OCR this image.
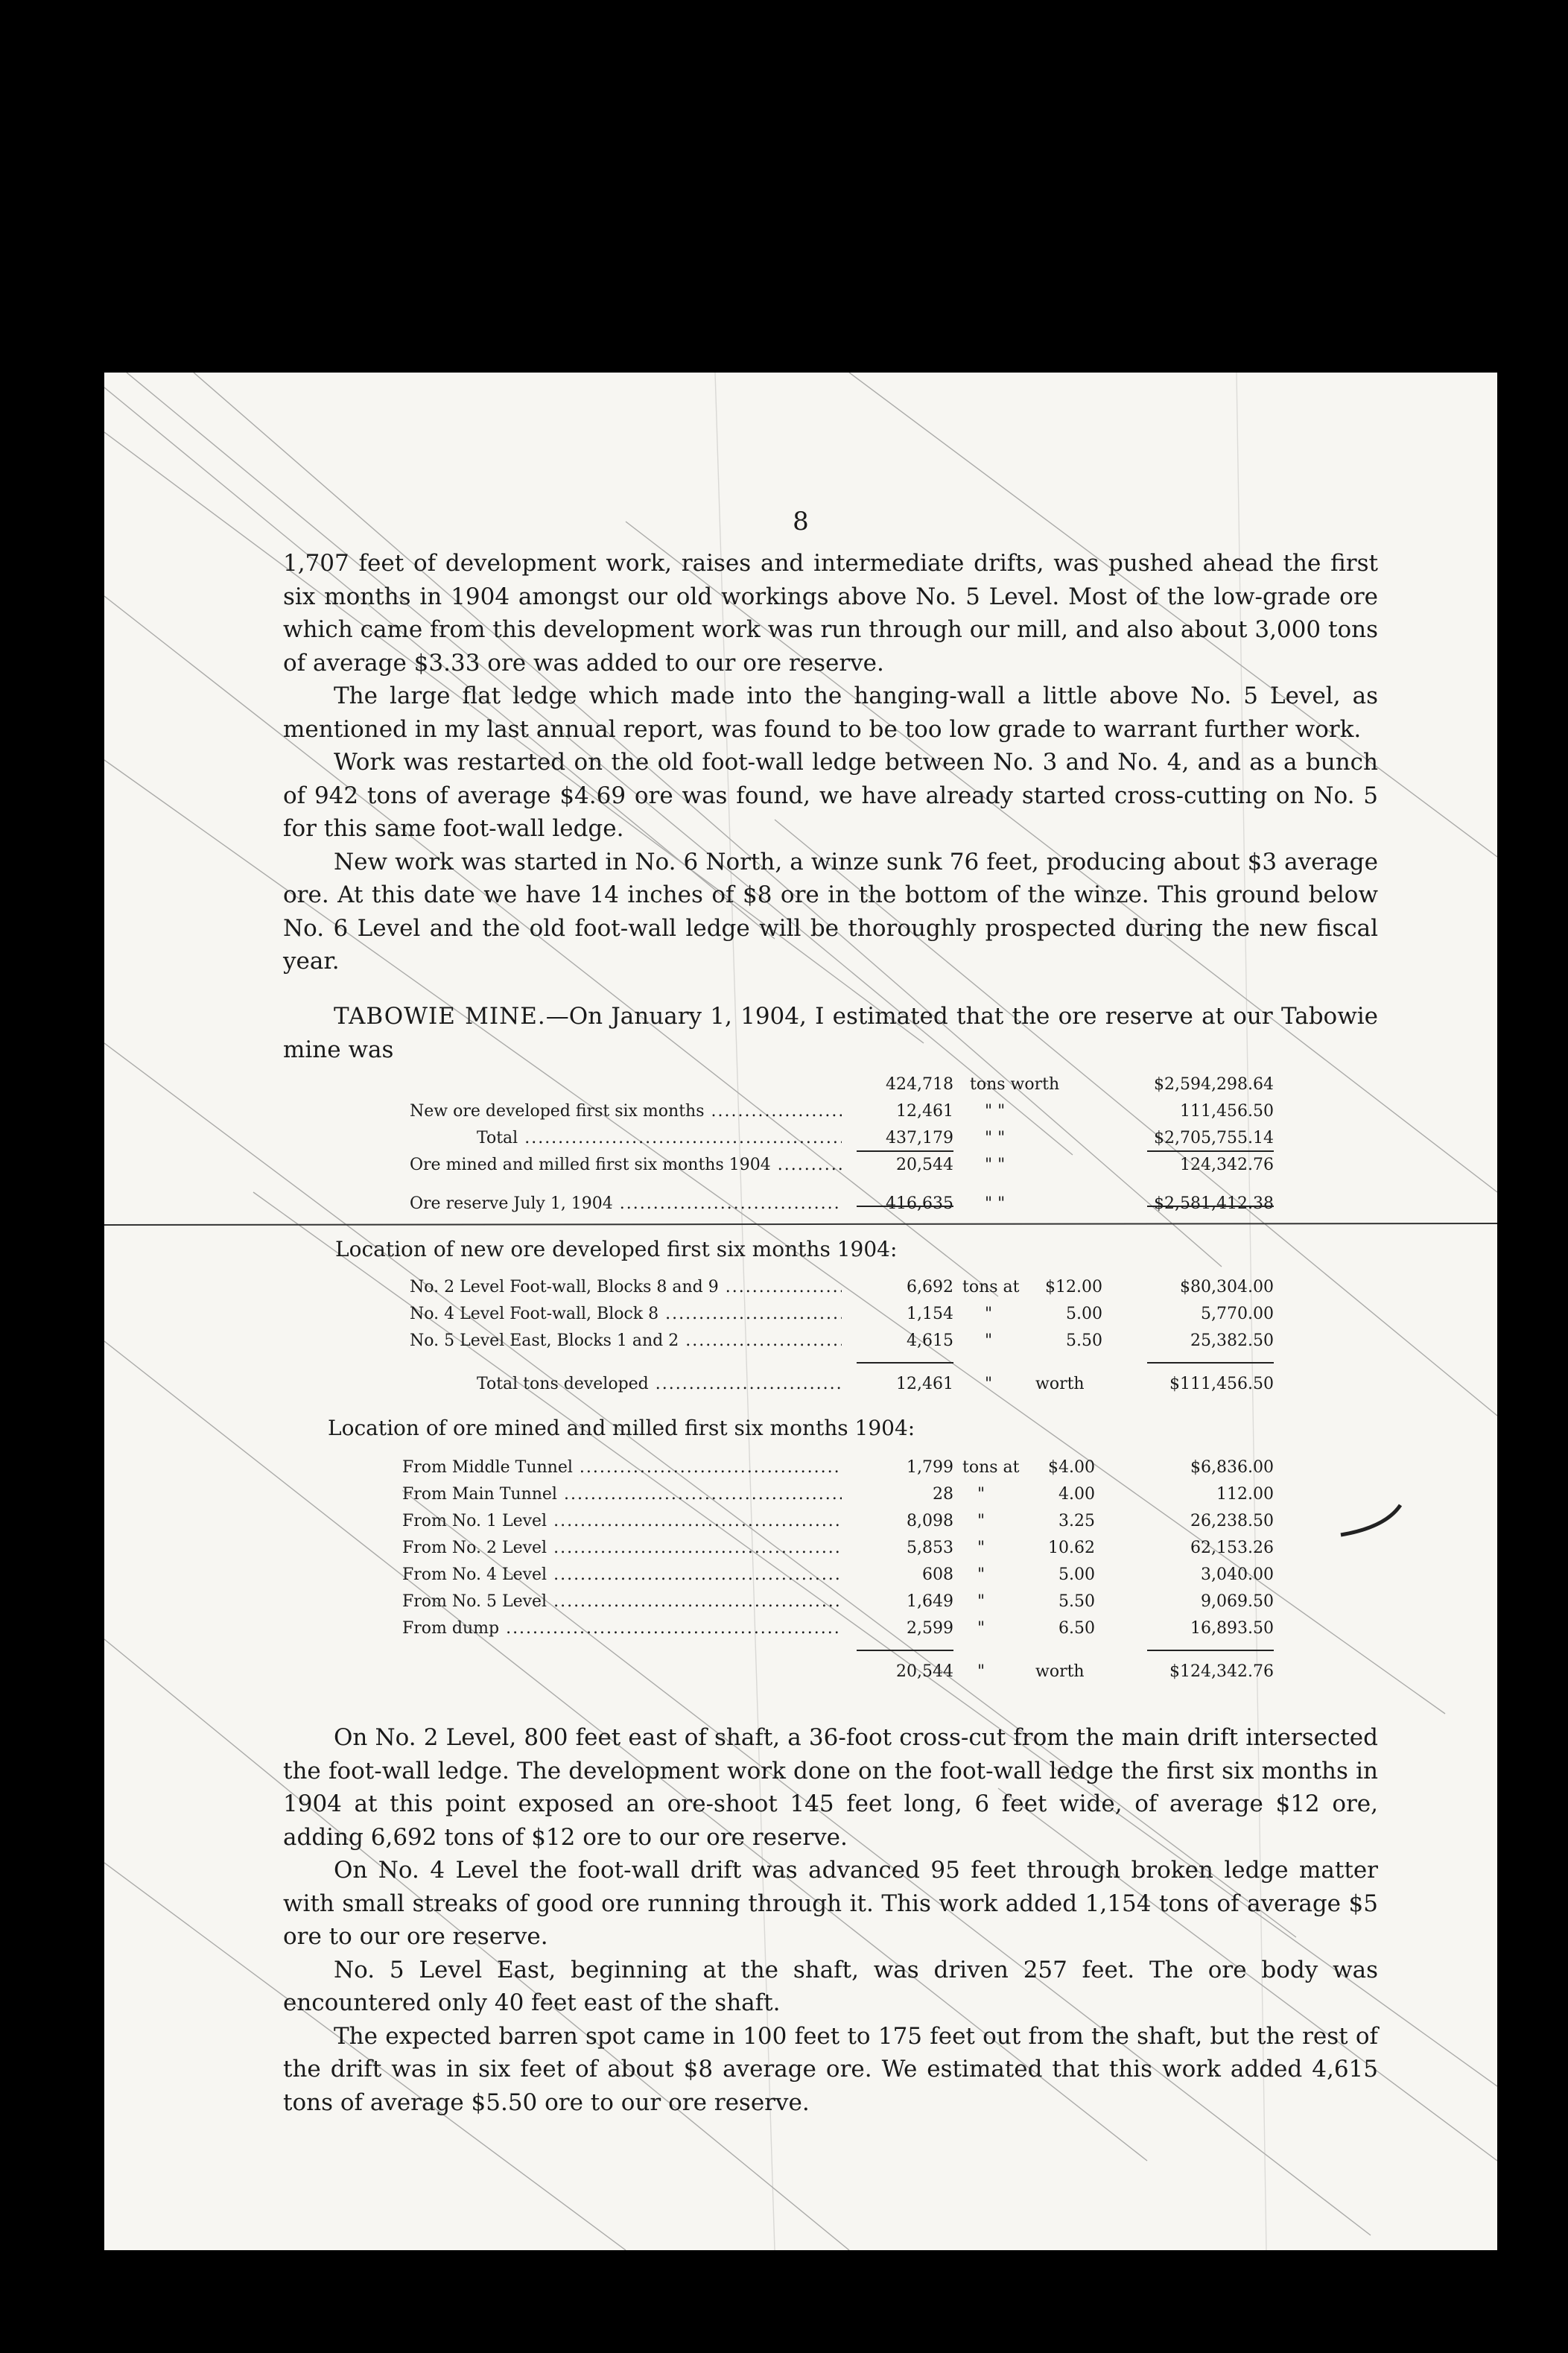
8

1,707 feet of development work, raises and intermediate drifts, was pushed ahead the first six months in 1904 amongst our old workings above No. 5 Level. Most of the low-grade ore which came from this development work was run through our mill, and also about 3,000 tons of average $3.33 ore was added to our ore reserve.

The large flat ledge which made into the hanging-wall a little above No. 5 Level, as mentioned in my last annual report, was found to be too low grade to warrant further work.

Work was restarted on the old foot-wall ledge between No. 3 and No. 4, and as a bunch of 942 tons of average $4.69 ore was found, we have already started cross-cutting on No. 5 for this same foot-wall ledge.

New work was started in No. 6 North, a winze sunk 76 feet, producing about $3 average ore. At this date we have 14 inches of $8 ore in the bottom of the winze. This ground below No. 6 Level and the old foot-wall ledge will be thoroughly prospected during the new fiscal year.

TABOWIE MINE.—On January 1, 1904, I estimated that the ore reserve at our Tabowie mine was

424,718 tons worth	$2,594,298.64
New ore developed first six months .....	12,461 " "	111,456.50
Total .....	437,179 " "	$2,705,755.14
Ore mined and milled first six months 1904 .....	20,544 " "	124,342.76
Ore reserve July 1, 1904 .....	416,635 " "	$2,581,412.38
Location of new ore developed first six months 1904:
No. 2 Level Foot-wall, Blocks 8 and 9 .....	6,692 tons at	$12.00	$80,304.00
No. 4 Level Foot-wall, Block 8 .....	1,154 "	5.00	5,770.00
No. 5 Level East, Blocks 1 and 2 .....	4,615 "	5.50	25,382.50
Total tons developed .....	12,461 "	worth	$111,456.50
Location of ore mined and milled first six months 1904:
From Middle Tunnel .....	1,799 tons at	$4.00	$6,836.00
From Main Tunnel .....	28 "	4.00	112.00
From No. 1 Level .....	8,098 "	3.25	26,238.50
From No. 2 Level .....	5,853 "	10.62	62,153.26
From No. 4 Level .....	608 "	5.00	3,040.00
From No. 5 Level .....	1,649 "	5.50	9,069.50
From dump .....	2,599 "	6.50	16,893.50
20,544 "	worth	$124,342.76

On No. 2 Level, 800 feet east of shaft, a 36-foot cross-cut from the main drift intersected the foot-wall ledge. The development work done on the foot-wall ledge the first six months in 1904 at this point exposed an ore-shoot 145 feet long, 6 feet wide, of average $12 ore, adding 6,692 tons of $12 ore to our ore reserve.

On No. 4 Level the foot-wall drift was advanced 95 feet through broken ledge matter with small streaks of good ore running through it. This work added 1,154 tons of average $5 ore to our ore reserve.

No. 5 Level East, beginning at the shaft, was driven 257 feet. The ore body was encountered only 40 feet east of the shaft.

The expected barren spot came in 100 feet to 175 feet out from the shaft, but the rest of the drift was in six feet of about $8 average ore. We estimated that this work added 4,615 tons of average $5.50 ore to our ore reserve.
